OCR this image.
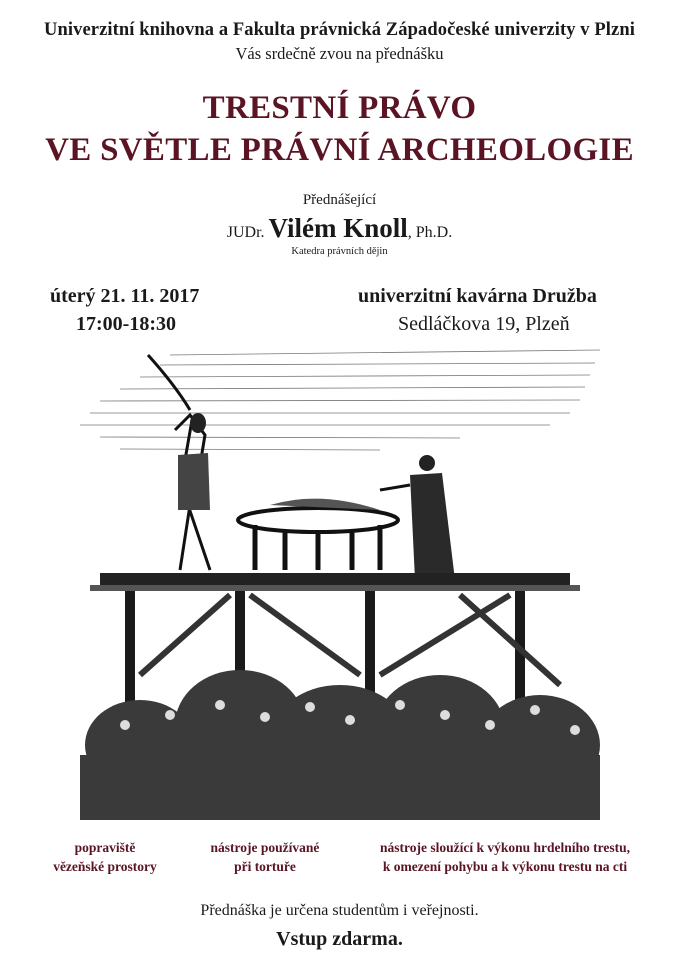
Univerzitní knihovna a Fakulta právnická Západočeské univerzity v Plzni
Vás srdečně zvou na přednášku
TRESTNÍ PRÁVO
VE SVĚTLE PRÁVNÍ ARCHEOLOGIE
Přednášející
JUDr. Vilém Knoll, Ph.D.
Katedra právních dějin
úterý 21. 11. 2017
17:00-18:30
univerzitní kavárna Družba
Sedláčkova 19, Plzeň
popraviště
vězeňské prostory
nástroje používané
při tortuře
nástroje sloužící k výkonu hrdelního trestu,
k omezení pohybu a k výkonu trestu na cti
Přednáška je určena studentům i veřejnosti.
Vstup zdarma.
